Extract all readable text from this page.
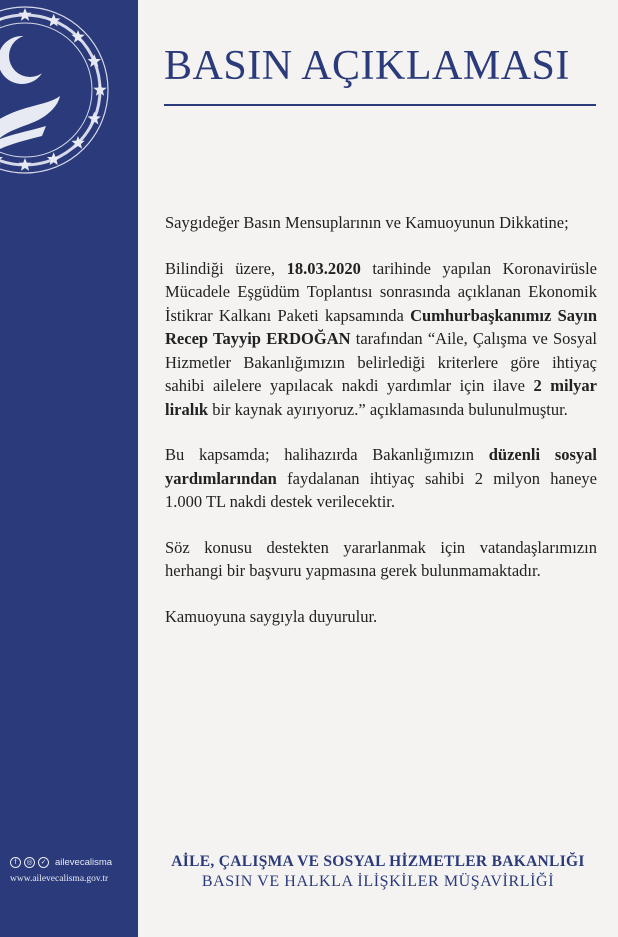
f	◎	✓ ailevecalisma
www.ailevecalisma.gov.tr
BASIN AÇIKLAMASI

Saygıdeğer Basın Mensuplarının ve Kamuoyunun Dikkatine;

Bilindiği üzere, 18.03.2020 tarihinde yapılan Koronavirüsle Mücadele Eşgüdüm Toplantısı sonrasında açıklanan Ekonomik İstikrar Kalkanı Paketi kapsamında Cumhurbaşkanımız Sayın Recep Tayyip ERDOĞAN tarafından “Aile, Çalışma ve Sosyal Hizmetler Bakanlığımızın belirlediği kriterlere göre ihtiyaç sahibi ailelere yapılacak nakdi yardımlar için ilave 2 milyar liralık bir kaynak ayırıyoruz.” açıklamasında bulunulmuştur.

Bu kapsamda; halihazırda Bakanlığımızın düzenli sosyal yardımlarından faydalanan ihtiyaç sahibi 2 milyon haneye 1.000 TL nakdi destek verilecektir.

Söz konusu destekten yararlanmak için vatandaşlarımızın herhangi bir başvuru yapmasına gerek bulunmamaktadır.

Kamuoyuna saygıyla duyurulur.

AİLE, ÇALIŞMA VE SOSYAL HİZMETLER BAKANLIĞI
BASIN VE HALKLA İLİŞKİLER MÜŞAVİRLİĞİ
